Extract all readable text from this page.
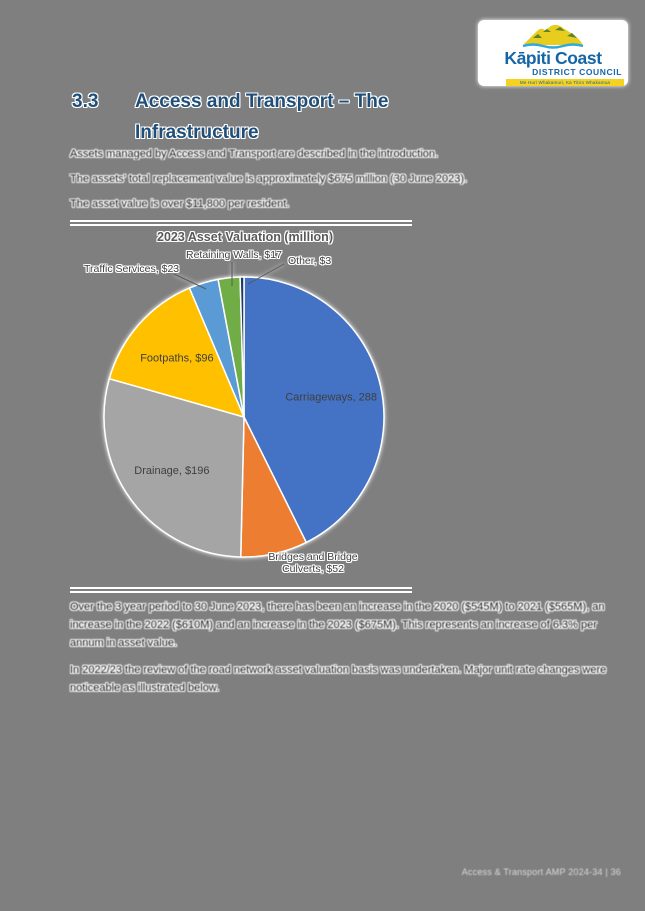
Kāpiti Coast
DISTRICT COUNCIL
Me Huri Whakamuri, Ka Titiro Whakamua
3.3	Access and Transport – The Infrastructure

Assets managed by Access and Transport are described in the introduction.

The assets' total replacement value is approximately $675 million (30 June 2023).

The asset value is over $11,800 per resident.

2023 Asset Valuation (million)
Carriageways, 288
Drainage, $196
Footpaths, $96
Traffic Services, $23
Retaining Walls, $17 Other, $3
Bridges and Bridge Culverts, $52

Over the 3 year period to 30 June 2023, there has been an increase in the 2020 ($545M) to 2021 ($565M), an increase in the 2022 ($610M) and an increase in the 2023 ($675M). This represents an increase of 6.3% per annum in asset value.

In 2022/23 the review of the road network asset valuation basis was undertaken. Major unit rate changes were noticeable as illustrated below.

Access & Transport AMP 2024-34 | 36
